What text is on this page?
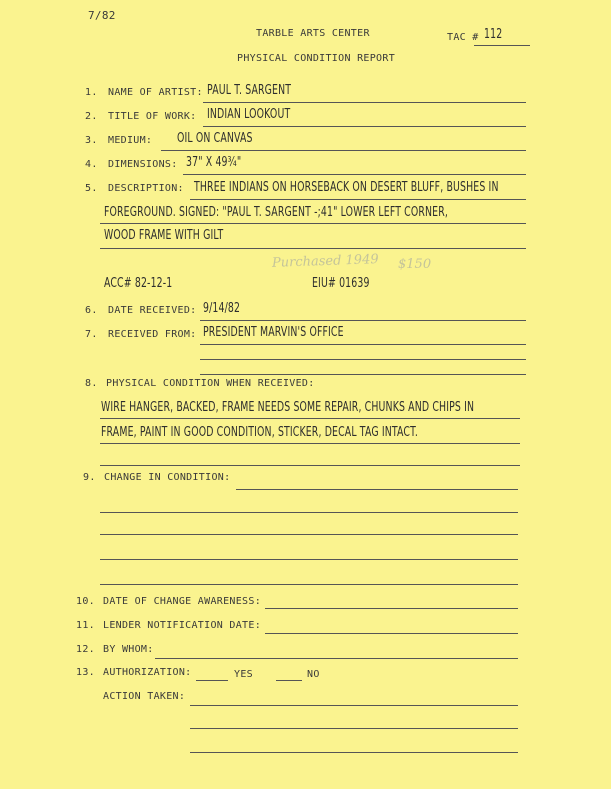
7/82
TARBLE ARTS CENTER	TAC # 112
PHYSICAL CONDITION REPORT
1. NAME OF ARTIST: PAUL T. SARGENT
2. TITLE OF WORK: INDIAN LOOKOUT
3. MEDIUM: OIL ON CANVAS
4. DIMENSIONS: 37" X 49¾"
5. DESCRIPTION: THREE INDIANS ON HORSEBACK ON DESERT BLUFF, BUSHES IN
FOREGROUND. SIGNED: "PAUL T. SARGENT -;41" LOWER LEFT CORNER,
WOOD FRAME WITH GILT
Purchased 1949 $150
ACC# 82-12-1	EIU# 01639
6. DATE RECEIVED: 9/14/82
7. RECEIVED FROM: PRESIDENT MARVIN'S OFFICE
8. PHYSICAL CONDITION WHEN RECEIVED:
WIRE HANGER, BACKED, FRAME NEEDS SOME REPAIR, CHUNKS AND CHIPS IN
FRAME, PAINT IN GOOD CONDITION, STICKER, DECAL TAG INTACT.
9. CHANGE IN CONDITION:
10. DATE OF CHANGE AWARENESS:
11. LENDER NOTIFICATION DATE:
12. BY WHOM:
13. AUTHORIZATION:	YES	NO
ACTION TAKEN:
